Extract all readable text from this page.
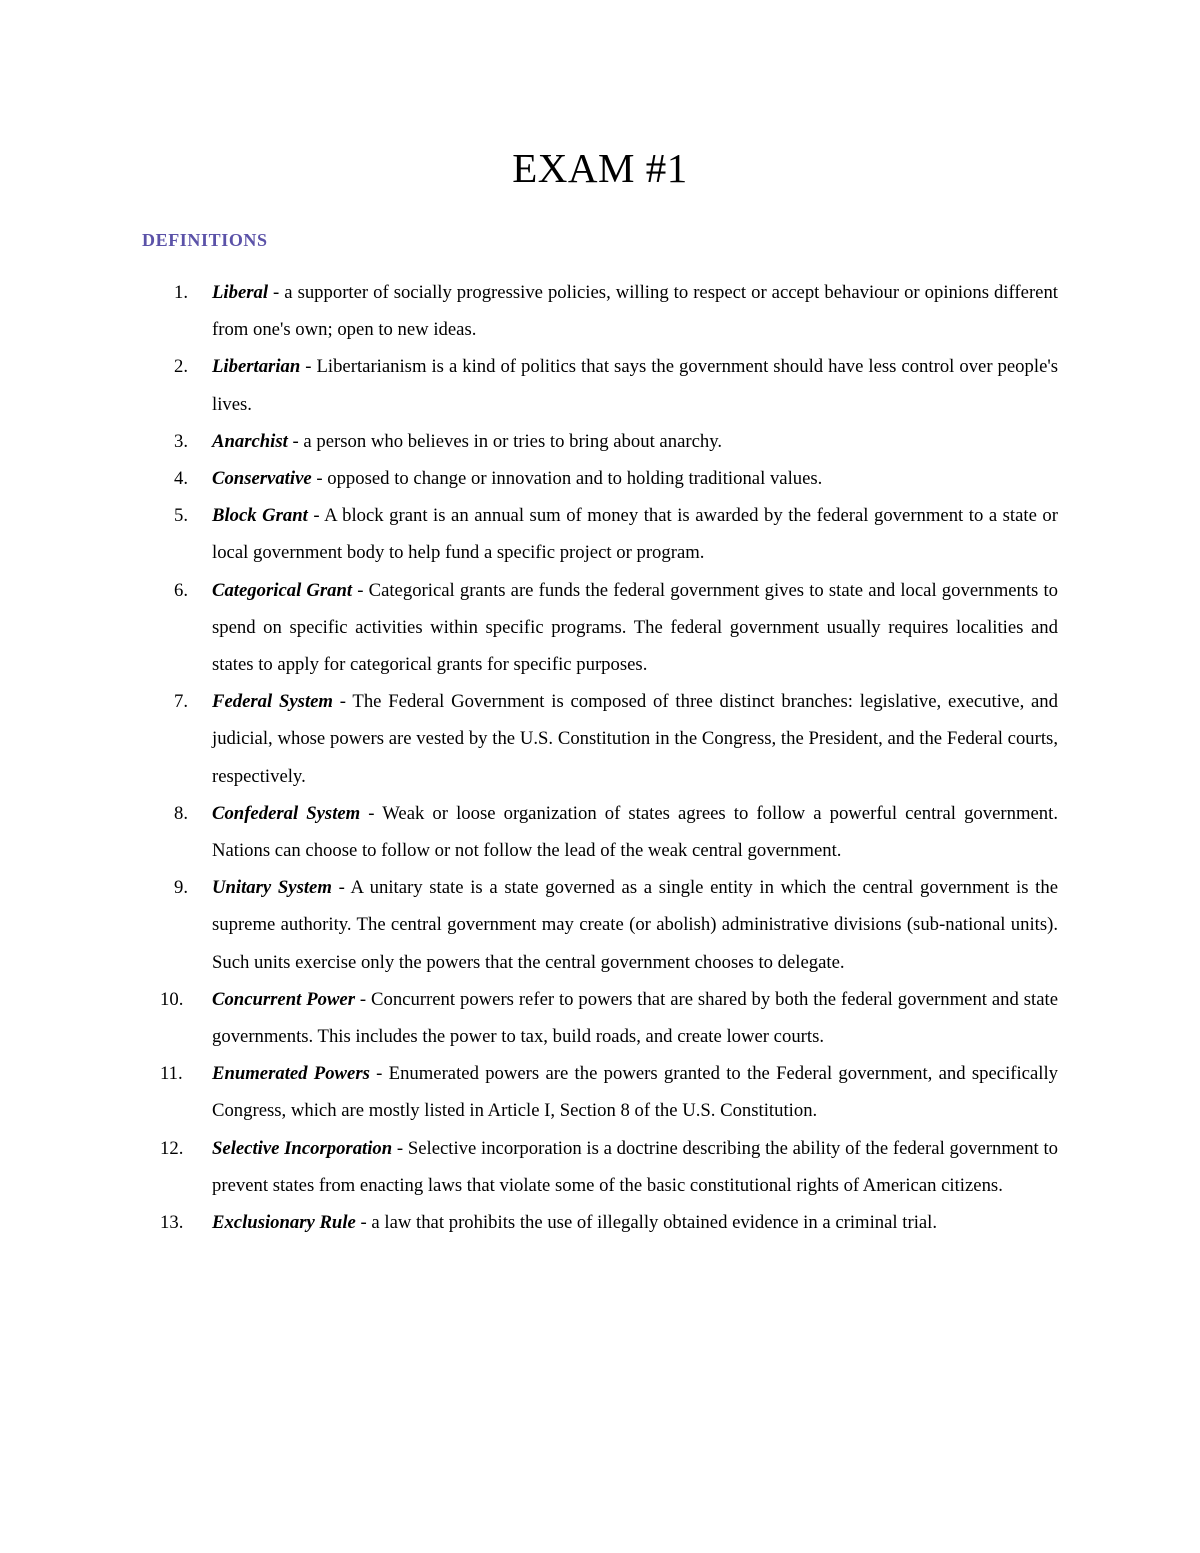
EXAM #1
DEFINITIONS
1.	Liberal - a supporter of socially progressive policies, willing to respect or accept behaviour or opinions different from one's own; open to new ideas.
2.	Libertarian - Libertarianism is a kind of politics that says the government should have less control over people's lives.
3.	Anarchist - a person who believes in or tries to bring about anarchy.
4.	Conservative - opposed to change or innovation and to holding traditional values.
5.	Block Grant - A block grant is an annual sum of money that is awarded by the federal government to a state or local government body to help fund a specific project or program.
6.	Categorical Grant - Categorical grants are funds the federal government gives to state and local governments to spend on specific activities within specific programs. The federal government usually requires localities and states to apply for categorical grants for specific purposes.
7.	Federal System - The Federal Government is composed of three distinct branches: legislative, executive, and judicial, whose powers are vested by the U.S. Constitution in the Congress, the President, and the Federal courts, respectively.
8.	Confederal System - Weak or loose organization of states agrees to follow a powerful central government. Nations can choose to follow or not follow the lead of the weak central government.
9.	Unitary System - A unitary state is a state governed as a single entity in which the central government is the supreme authority. The central government may create (or abolish) administrative divisions (sub-national units). Such units exercise only the powers that the central government chooses to delegate.
10.	Concurrent Power - Concurrent powers refer to powers that are shared by both the federal government and state governments. This includes the power to tax, build roads, and create lower courts.
11.	Enumerated Powers - Enumerated powers are the powers granted to the Federal government, and specifically Congress, which are mostly listed in Article I, Section 8 of the U.S. Constitution.
12.	Selective Incorporation - Selective incorporation is a doctrine describing the ability of the federal government to prevent states from enacting laws that violate some of the basic constitutional rights of American citizens.
13.	Exclusionary Rule - a law that prohibits the use of illegally obtained evidence in a criminal trial.
